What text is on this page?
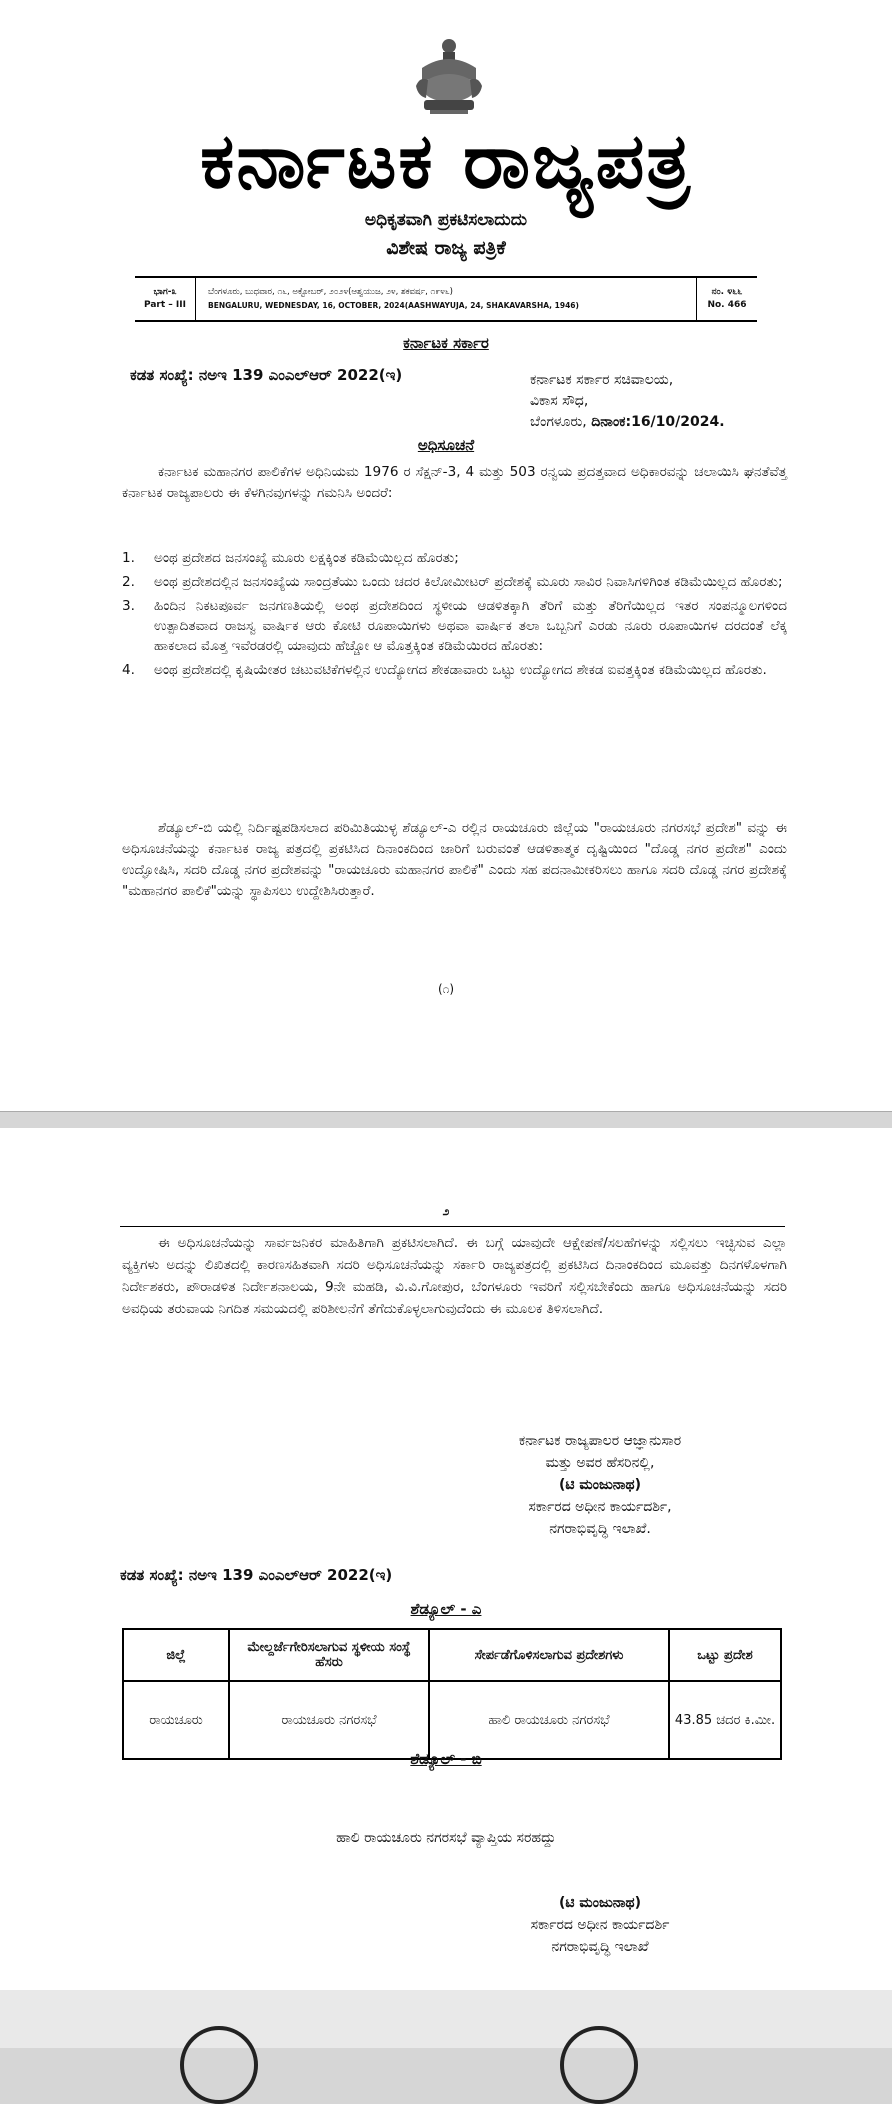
ಕರ್ನಾಟಕ ರಾಜ್ಯಪತ್ರ
ಅಧಿಕೃತವಾಗಿ ಪ್ರಕಟಿಸಲಾದುದು
ವಿಶೇಷ ರಾಜ್ಯ ಪತ್ರಿಕೆ
ಭಾಗ-೩
Part – III
ಬೆಂಗಳೂರು, ಬುಧವಾರ, ೧೬, ಅಕ್ಟೋಬರ್, ೨೦೨೪(ಆಶ್ವಯುಜ, ೨೪, ಶಕವರ್ಷ, ೧೯೪೬)
BENGALURU, WEDNESDAY, 16, OCTOBER, 2024(AASHWAYUJA, 24, SHAKAVARSHA, 1946)
ನಂ. ೪೬೬
No. 466
ಕರ್ನಾಟಕ ಸರ್ಕಾರ
ಕಡತ ಸಂಖ್ಯೆ: ನಅಇ 139 ಎಂಎಲ್ಆರ್ 2022(ಇ)	ಕರ್ನಾಟಕ ಸರ್ಕಾರ ಸಚಿವಾಲಯ,
ವಿಕಾಸ ಸೌಧ,
ಬೆಂಗಳೂರು, ದಿನಾಂಕ:16/10/2024.
ಅಧಿಸೂಚನೆ
ಕರ್ನಾಟಕ ಮಹಾನಗರ ಪಾಲಿಕೆಗಳ ಅಧಿನಿಯಮ 1976 ರ ಸೆಕ್ಷನ್-3, 4 ಮತ್ತು 503 ರನ್ವಯ ಪ್ರದತ್ತವಾದ ಅಧಿಕಾರವನ್ನು ಚಲಾಯಿಸಿ ಘನತೆವೆತ್ತ ಕರ್ನಾಟಕ ರಾಜ್ಯಪಾಲರು ಈ ಕೆಳಗಿನವುಗಳನ್ನು ಗಮನಿಸಿ ಅಂದರೆ:
1.	ಅಂಥ ಪ್ರದೇಶದ ಜನಸಂಖ್ಯೆ ಮೂರು ಲಕ್ಷಕ್ಕಿಂತ ಕಡಿಮೆಯಿಲ್ಲದ ಹೊರತು;
2.	ಅಂಥ ಪ್ರದೇಶದಲ್ಲಿನ ಜನಸಂಖ್ಯೆಯ ಸಾಂದ್ರತೆಯು ಒಂದು ಚದರ ಕಿಲೋಮೀಟರ್ ಪ್ರದೇಶಕ್ಕೆ ಮೂರು ಸಾವಿರ ನಿವಾಸಿಗಳಿಗಿಂತ ಕಡಿಮೆಯಿಲ್ಲದ ಹೊರತು;
3.	ಹಿಂದಿನ ನಿಕಟಪೂರ್ವ ಜನಗಣತಿಯಲ್ಲಿ ಅಂಥ ಪ್ರದೇಶದಿಂದ ಸ್ಥಳೀಯ ಆಡಳಿತಕ್ಕಾಗಿ ತೆರಿಗೆ ಮತ್ತು ತೆರಿಗೆಯಿಲ್ಲದ ಇತರ ಸಂಪನ್ಮೂಲಗಳಿಂದ ಉತ್ಪಾದಿತವಾದ ರಾಜಸ್ವ ವಾರ್ಷಿಕ ಆರು ಕೋಟಿ ರೂಪಾಯಿಗಳು ಅಥವಾ ವಾರ್ಷಿಕ ತಲಾ ಒಬ್ಬನಿಗೆ ಎರಡು ನೂರು ರೂಪಾಯಿಗಳ ದರದಂತೆ ಲೆಕ್ಕ ಹಾಕಲಾದ ಮೊತ್ತ ಇವೆರಡರಲ್ಲಿ ಯಾವುದು ಹೆಚ್ಚೋ ಆ ಮೊತ್ತಕ್ಕಿಂತ ಕಡಿಮೆಯಿರದ ಹೊರತು:
4.	ಅಂಥ ಪ್ರದೇಶದಲ್ಲಿ ಕೃಷಿಯೇತರ ಚಟುವಟಿಕೆಗಳಲ್ಲಿನ ಉದ್ಯೋಗದ ಶೇಕಡಾವಾರು ಒಟ್ಟು ಉದ್ಯೋಗದ ಶೇಕಡ ಐವತ್ತಕ್ಕಿಂತ ಕಡಿಮೆಯಿಲ್ಲದ ಹೊರತು.
ಶೆಡ್ಯೂಲ್-ಬಿ ಯಲ್ಲಿ ನಿರ್ದಿಷ್ಟಪಡಿಸಲಾದ ಪರಿಮಿತಿಯುಳ್ಳ ಶೆಡ್ಯೂಲ್-ಎ ರಲ್ಲಿನ ರಾಯಚೂರು ಜಿಲ್ಲೆಯ "ರಾಯಚೂರು ನಗರಸಭೆ ಪ್ರದೇಶ" ವನ್ನು ಈ ಅಧಿಸೂಚನೆಯನ್ನು ಕರ್ನಾಟಕ ರಾಜ್ಯ ಪತ್ರದಲ್ಲಿ ಪ್ರಕಟಿಸಿದ ದಿನಾಂಕದಿಂದ ಜಾರಿಗೆ ಬರುವಂತೆ ಆಡಳಿತಾತ್ಮಕ ದೃಷ್ಟಿಯಿಂದ "ದೊಡ್ಡ ನಗರ ಪ್ರದೇಶ" ಎಂದು ಉದ್ಘೋಷಿಸಿ, ಸದರಿ ದೊಡ್ಡ ನಗರ ಪ್ರದೇಶವನ್ನು "ರಾಯಚೂರು ಮಹಾನಗರ ಪಾಲಿಕೆ" ಎಂದು ಸಹ ಪದನಾಮೀಕರಿಸಲು ಹಾಗೂ ಸದರಿ ದೊಡ್ಡ ನಗರ ಪ್ರದೇಶಕ್ಕೆ "ಮಹಾನಗರ ಪಾಲಿಕೆ"ಯನ್ನು ಸ್ಥಾಪಿಸಲು ಉದ್ದೇಶಿಸಿರುತ್ತಾರೆ.
(೧)
೨
ಈ ಅಧಿಸೂಚನೆಯನ್ನು ಸಾರ್ವಜನಿಕರ ಮಾಹಿತಿಗಾಗಿ ಪ್ರಕಟಿಸಲಾಗಿದೆ. ಈ ಬಗ್ಗೆ ಯಾವುದೇ ಆಕ್ಷೇಪಣೆ/ಸಲಹೆಗಳನ್ನು ಸಲ್ಲಿಸಲು ಇಚ್ಛಿಸುವ ಎಲ್ಲಾ ವ್ಯಕ್ತಿಗಳು ಅದನ್ನು ಲಿಖಿತದಲ್ಲಿ ಕಾರಣಸಹಿತವಾಗಿ ಸದರಿ ಅಧಿಸೂಚನೆಯನ್ನು ಸರ್ಕಾರಿ ರಾಜ್ಯಪತ್ರದಲ್ಲಿ ಪ್ರಕಟಿಸಿದ ದಿನಾಂಕದಿಂದ ಮೂವತ್ತು ದಿನಗಳೊಳಗಾಗಿ ನಿರ್ದೇಶಕರು, ಪೌರಾಡಳಿತ ನಿರ್ದೇಶನಾಲಯ, 9ನೇ ಮಹಡಿ, ವಿ.ವಿ.ಗೋಪುರ, ಬೆಂಗಳೂರು ಇವರಿಗೆ ಸಲ್ಲಿಸಬೇಕೆಂದು ಹಾಗೂ ಅಧಿಸೂಚನೆಯನ್ನು ಸದರಿ ಅವಧಿಯ ತರುವಾಯ ನಿಗದಿತ ಸಮಯದಲ್ಲಿ ಪರಿಶೀಲನೆಗೆ ತೆಗೆದುಕೊಳ್ಳಲಾಗುವುದೆಂದು ಈ ಮೂಲಕ ತಿಳಿಸಲಾಗಿದೆ.
ಕರ್ನಾಟಕ ರಾಜ್ಯಪಾಲರ ಆಜ್ಞಾನುಸಾರ
ಮತ್ತು ಅವರ ಹೆಸರಿನಲ್ಲಿ,
(ಟಿ ಮಂಜುನಾಥ)
ಸರ್ಕಾರದ ಅಧೀನ ಕಾರ್ಯದರ್ಶಿ,
ನಗರಾಭಿವೃದ್ಧಿ ಇಲಾಖೆ.
ಕಡತ ಸಂಖ್ಯೆ: ನಅಇ 139 ಎಂಎಲ್ಆರ್ 2022(ಇ)
ಶೆಡ್ಯೂಲ್ - ಎ
ಜಿಲ್ಲೆ	ಮೇಲ್ದರ್ಜೆಗೇರಿಸಲಾಗುವ ಸ್ಥಳೀಯ ಸಂಸ್ಥೆ ಹೆಸರು	ಸೇರ್ಪಡೆಗೊಳಿಸಲಾಗುವ ಪ್ರದೇಶಗಳು	ಒಟ್ಟು ಪ್ರದೇಶ
ರಾಯಚೂರು	ರಾಯಚೂರು ನಗರಸಭೆ	ಹಾಲಿ ರಾಯಚೂರು ನಗರಸಭೆ	43.85 ಚದರ ಕಿ.ಮೀ.
ಶೆಡ್ಯೂಲ್ - ಬಿ
ಹಾಲಿ ರಾಯಚೂರು ನಗರಸಭೆ ವ್ಯಾಪ್ತಿಯ ಸರಹದ್ದು
(ಟಿ ಮಂಜುನಾಥ)
ಸರ್ಕಾರದ ಅಧೀನ ಕಾರ್ಯದರ್ಶಿ
ನಗರಾಭಿವೃದ್ಧಿ ಇಲಾಖೆ
